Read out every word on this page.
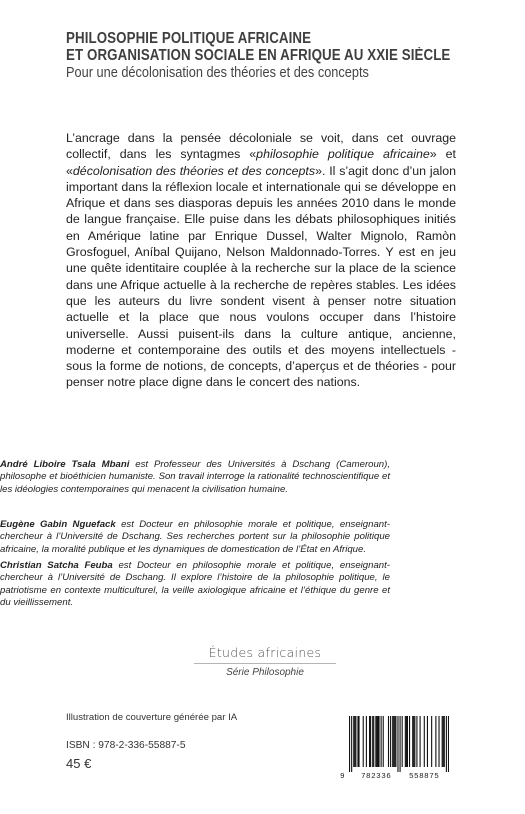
PHILOSOPHIE POLITIQUE AFRICAINE
ET ORGANISATION SOCIALE EN AFRIQUE AU XXIE SIÈCLE
Pour une décolonisation des théories et des concepts
L’ancrage dans la pensée décoloniale se voit, dans cet ouvrage collectif, dans les syntagmes «philosophie politique africaine» et «décolonisation des théories et des concepts». Il s’agit donc d’un jalon important dans la réflexion locale et internationale qui se développe en Afrique et dans ses diasporas depuis les années 2010 dans le monde de langue française. Elle puise dans les débats philosophiques initiés en Amérique latine par Enrique Dussel, Walter Mignolo, Ramòn Grosfoguel, Aníbal Quijano, Nelson Maldonnado-Torres. Y est en jeu une quête identitaire couplée à la recherche sur la place de la science dans une Afrique actuelle à la recherche de repères stables. Les idées que les auteurs du livre sondent visent à penser notre situation actuelle et la place que nous voulons occuper dans l’histoire universelle. Aussi puisent-ils dans la culture antique, ancienne, moderne et contemporaine des outils et des moyens intellectuels - sous la forme de notions, de concepts, d’aperçus et de théories - pour penser notre place digne dans le concert des nations.
André Liboire Tsala Mbani est Professeur des Universités à Dschang (Cameroun), philosophe et bioéthicien humaniste. Son travail interroge la rationalité technoscientifique et les idéologies contemporaines qui menacent la civilisation humaine.
Eugène Gabin Nguefack est Docteur en philosophie morale et politique, enseignant-chercheur à l’Université de Dschang. Ses recherches portent sur la philosophie politique africaine, la moralité publique et les dynamiques de domestication de l’État en Afrique.
Christian Satcha Feuba est Docteur en philosophie morale et politique, enseignant-chercheur à l’Université de Dschang. Il explore l’histoire de la philosophie politique, le patriotisme en contexte multiculturel, la veille axiologique africaine et l’éthique du genre et du vieillissement.
Études africaines
Série Philosophie
Illustration de couverture générée par IA
ISBN : 978-2-336-55887-5
45 €
9 782336 558875
